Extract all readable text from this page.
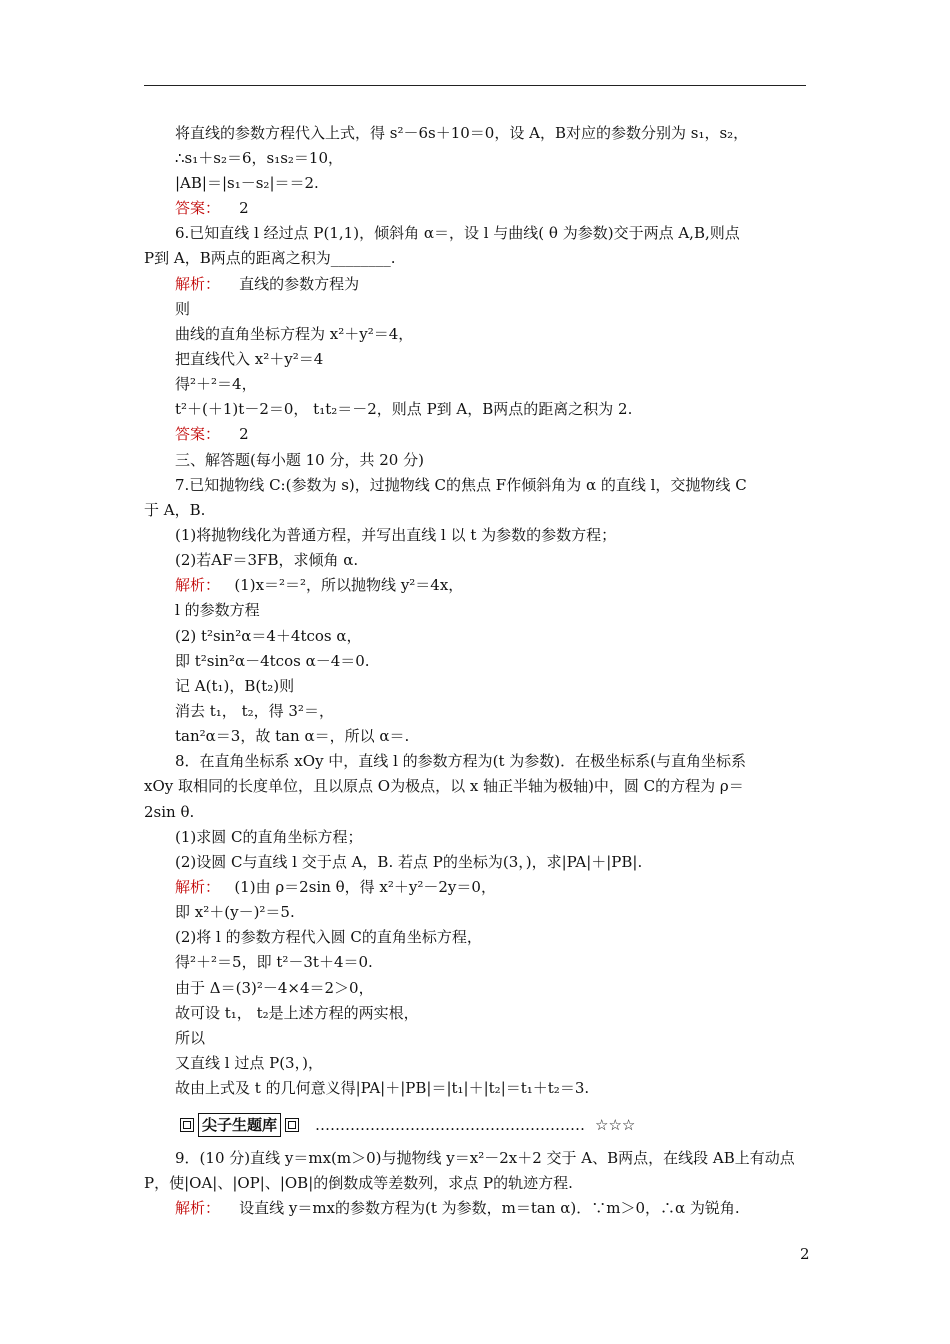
将直线的参数方程代入上式，得 s²－6s＋10＝0，设 A，B对应的参数分别为 s₁，s₂，
∴s₁＋s₂＝6，s₁s₂＝10，
|AB|＝|s₁－s₂|＝＝2.
答案：    2
6.已知直线 l 经过点 P(1,1)，倾斜角 α＝，设 l 与曲线( θ 为参数)交于两点 A,B,则点
P到 A，B两点的距离之积为________.
解析：    直线的参数方程为
则
曲线的直角坐标方程为 x²＋y²＝4，
把直线代入 x²＋y²＝4
得²＋²＝4，
t²＋(＋1)t－2＝0， t₁t₂＝－2，则点 P到 A，B两点的距离之积为 2.
答案：    2
三、解答题(每小题 10 分，共 20 分)
7.已知抛物线 C:(参数为 s)，过抛物线 C的焦点 F作倾斜角为 α 的直线 l，交抛物线 C
于 A，B.
(1)将抛物线化为普通方程，并写出直线 l 以 t 为参数的参数方程；
(2)若AF＝3FB，求倾角 α.
解析：   (1)x＝²＝²，所以抛物线 y²＝4x，
l 的参数方程
(2) t²sin²α＝4＋4tcos α，
即 t²sin²α－4tcos α－4＝0.
记 A(t₁)，B(t₂)则
消去 t₁， t₂，得 3²＝，
tan²α＝3，故 tan α＝，所以 α＝.
8．在直角坐标系 xOy 中，直线 l 的参数方程为(t 为参数)．在极坐标系(与直角坐标系
xOy 取相同的长度单位，且以原点 O为极点，以 x 轴正半轴为极轴)中，圆 C的方程为 ρ＝
2sin θ.
(1)求圆 C的直角坐标方程；
(2)设圆 C与直线 l 交于点 A，B. 若点 P的坐标为(3，)，求|PA|＋|PB|.
解析：   (1)由 ρ＝2sin θ，得 x²＋y²－2y＝0，
即 x²＋(y－)²＝5.
(2)将 l 的参数方程代入圆 C的直角坐标方程，
得²＋²＝5，即 t²－3t＋4＝0.
由于 Δ＝(3)²－4×4＝2＞0，
故可设 t₁， t₂是上述方程的两实根，
所以
又直线 l 过点 P(3，)，
故由上式及 t 的几何意义得|PA|＋|PB|＝|t₁|＋|t₂|＝t₁＋t₂＝3.
9．(10 分)直线 y＝mx(m＞0)与抛物线 y＝x²－2x＋2 交于 A、B两点，在线段 AB上有动点
P，使|OA|、|OP|、|OB|的倒数成等差数列，求点 P的轨迹方程.
解析：    设直线 y＝mx的参数方程为(t 为参数，m＝tan α)．∵m＞0，∴α 为锐角.
尖子生题库	……………………………………………… ☆☆☆
2
